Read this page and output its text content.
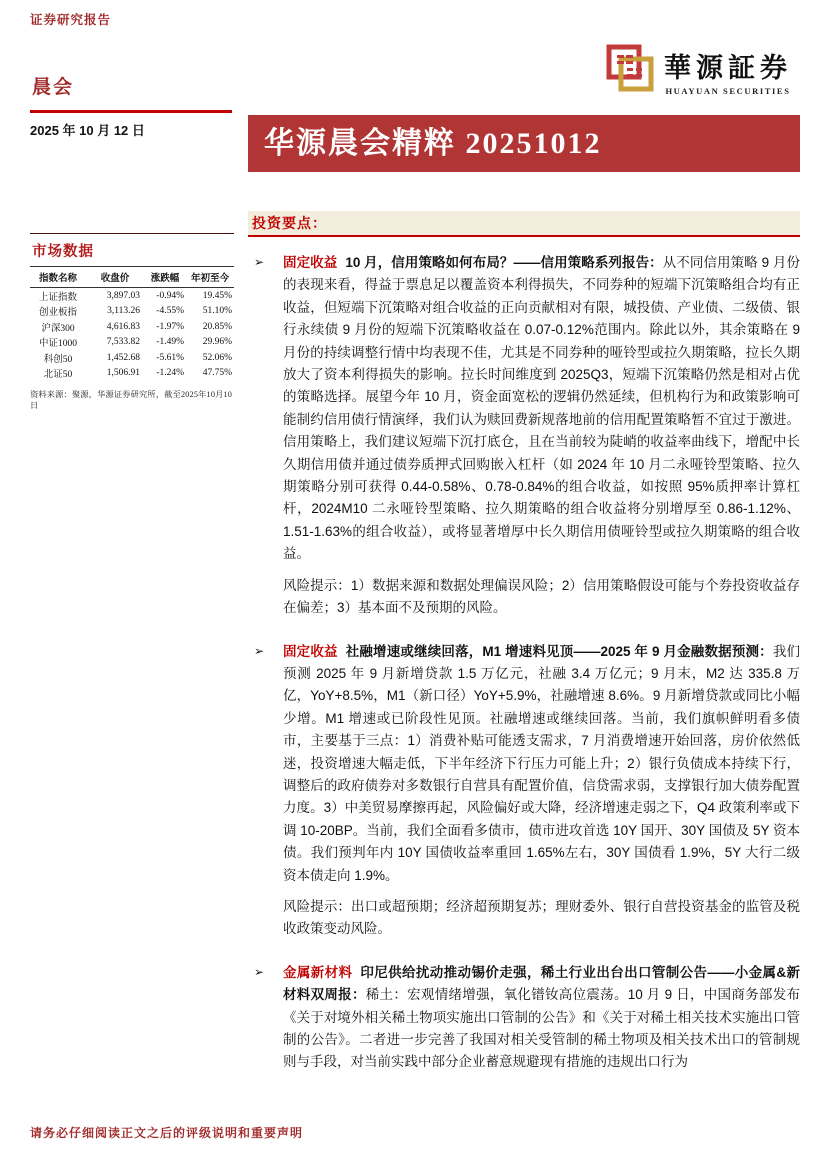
证券研究报告
華源証券
HUAYUAN SECURITIES
晨会
2025 年 10 月 12 日	华源晨会精粹 20251012
市场数据
指数名称	收盘价	涨跌幅	年初至今
上证指数	3,897.03	-0.94%	19.45%
创业板指	3,113.26	-4.55%	51.10%
沪深300	4,616.83	-1.97%	20.85%
中证1000	7,533.82	-1.49%	29.96%
科创50	1,452.68	-5.61%	52.06%
北证50	1,506.91	-1.24%	47.75%
资料来源：聚源，华源证券研究所，截至2025年10月10日
投资要点：
➢ 固定收益 10 月，信用策略如何布局？——信用策略系列报告：从不同信用策略 9 月份的表现来看，得益于票息足以覆盖资本利得损失，不同券种的短端下沉策略组合均有正收益，但短端下沉策略对组合收益的正向贡献相对有限，城投债、产业债、二级债、银行永续债 9 月份的短端下沉策略收益在 0.07-0.12%范围内。除此以外，其余策略在 9 月份的持续调整行情中均表现不佳，尤其是不同券种的哑铃型或拉久期策略，拉长久期放大了资本利得损失的影响。拉长时间维度到 2025Q3，短端下沉策略仍然是相对占优的策略选择。展望今年 10 月，资金面宽松的逻辑仍然延续，但机构行为和政策影响可能制约信用债行情演绎，我们认为赎回费新规落地前的信用配置策略暂不宜过于激进。信用策略上，我们建议短端下沉打底仓，且在当前较为陡峭的收益率曲线下，增配中长久期信用债并通过债券质押式回购嵌入杠杆（如 2024 年 10 月二永哑铃型策略、拉久期策略分别可获得 0.44-0.58%、0.78-0.84%的组合收益，如按照 95%质押率计算杠杆，2024M10 二永哑铃型策略、拉久期策略的组合收益将分别增厚至 0.86-1.12%、1.51-1.63%的组合收益），或将显著增厚中长久期信用债哑铃型或拉久期策略的组合收益。

风险提示：1）数据来源和数据处理偏误风险；2）信用策略假设可能与个券投资收益存在偏差；3）基本面不及预期的风险。

➢ 固定收益 社融增速或继续回落，M1 增速料见顶——2025 年 9 月金融数据预测：我们预测 2025 年 9 月新增贷款 1.5 万亿元，社融 3.4 万亿元；9 月末，M2 达 335.8 万亿，YoY+8.5%，M1（新口径）YoY+5.9%，社融增速 8.6%。9 月新增贷款或同比小幅少增。M1 增速或已阶段性见顶。社融增速或继续回落。当前，我们旗帜鲜明看多债市，主要基于三点：1）消费补贴可能透支需求，7 月消费增速开始回落，房价依然低迷，投资增速大幅走低，下半年经济下行压力可能上升；2）银行负债成本持续下行，调整后的政府债券对多数银行自营具有配置价值，信贷需求弱，支撑银行加大债券配置力度。3）中美贸易摩擦再起，风险偏好或大降，经济增速走弱之下，Q4 政策利率或下调 10-20BP。当前，我们全面看多债市，债市进攻首选 10Y 国开、30Y 国债及 5Y 资本债。我们预判年内 10Y 国债收益率重回 1.65%左右，30Y 国债看 1.9%，5Y 大行二级资本债走向 1.9%。

风险提示：出口或超预期；经济超预期复苏；理财委外、银行自营投资基金的监管及税收政策变动风险。

➢ 金属新材料 印尼供给扰动推动锡价走强，稀土行业出台出口管制公告——小金属&新材料双周报：稀土：宏观情绪增强，氧化镨钕高位震荡。10 月 9 日，中国商务部发布《关于对境外相关稀土物项实施出口管制的公告》和《关于对稀土相关技术实施出口管制的公告》。二者进一步完善了我国对相关受管制的稀土物项及相关技术出口的管制规则与手段，对当前实践中部分企业蓄意规避现有措施的违规出口行为

请务必仔细阅读正文之后的评级说明和重要声明
